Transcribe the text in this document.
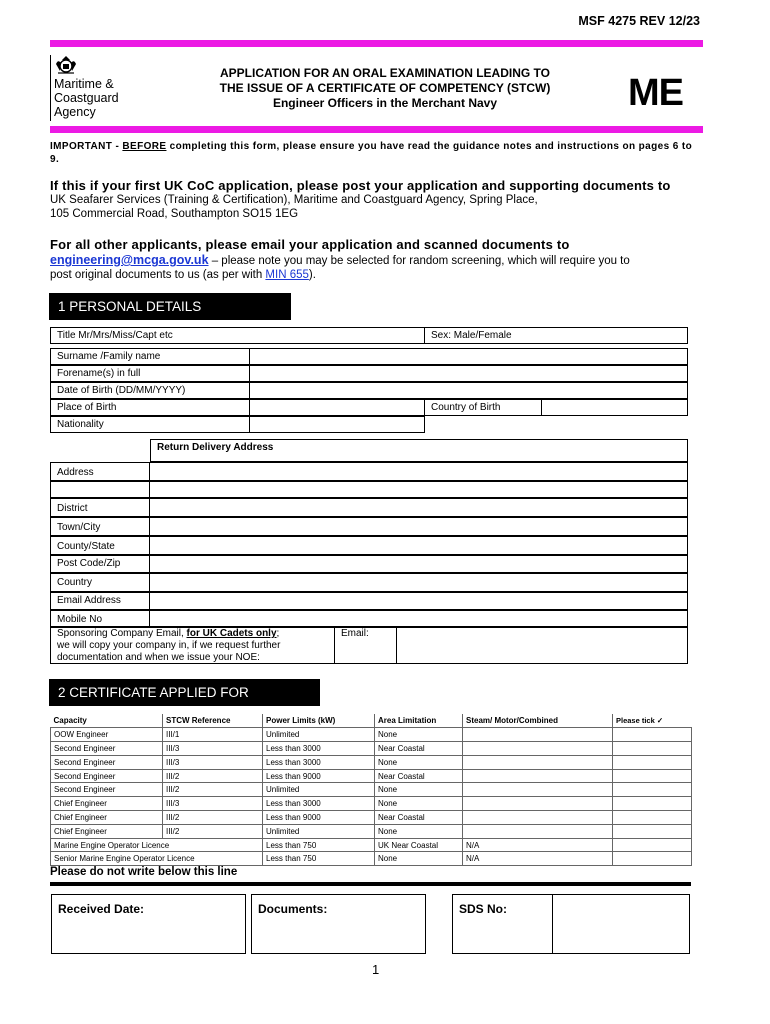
MSF 4275 REV 12/23
Maritime &
Coastguard
Agency
APPLICATION FOR AN ORAL EXAMINATION LEADING TO
THE ISSUE OF A CERTIFICATE OF COMPETENCY (STCW)
Engineer Officers in the Merchant Navy	ME
IMPORTANT - BEFORE completing this form, please ensure you have read the guidance notes and instructions on pages 6 to 9.
If this if your first UK CoC application, please post your application and supporting documents to
UK Seafarer Services (Training & Certification), Maritime and Coastguard Agency, Spring Place,
105 Commercial Road, Southampton SO15 1EG
For all other applicants, please email your application and scanned documents to
engineering@mcga.gov.uk – please note you may be selected for random screening, which will require you to
post original documents to us (as per with MIN 655).
1 PERSONAL DETAILS
Title Mr/Mrs/Miss/Capt etc	Sex: Male/Female
Surname /Family name
Forename(s) in full
Date of Birth (DD/MM/YYYY)
Place of Birth	Country of Birth
Nationality
Return Delivery Address
Address
District
Town/City
County/State
Post Code/Zip
Country
Email Address
Mobile No
Sponsoring Company Email, for UK Cadets only;
we will copy your company in, if we request further
documentation and when we issue your NOE:
Email:
2 CERTIFICATE APPLIED FOR
Capacity	STCW Reference	Power Limits (kW)	Area Limitation	Steam/ Motor/Combined	Please tick ✓
OOW Engineer	III/1	Unlimited	None		
Second Engineer	III/3	Less than 3000	Near Coastal		
Second Engineer	III/3	Less than 3000	None		
Second Engineer	III/2	Less than 9000	Near Coastal		
Second Engineer	III/2	Unlimited	None		
Chief Engineer	III/3	Less than 3000	None		
Chief Engineer	III/2	Less than 9000	Near Coastal		
Chief Engineer	III/2	Unlimited	None		
Marine Engine Operator Licence		Less than 750	UK Near Coastal	N/A	
Senior Marine Engine Operator Licence		Less than 750	None	N/A	
Please do not write below this line
Received Date:	Documents:	SDS No:
1
